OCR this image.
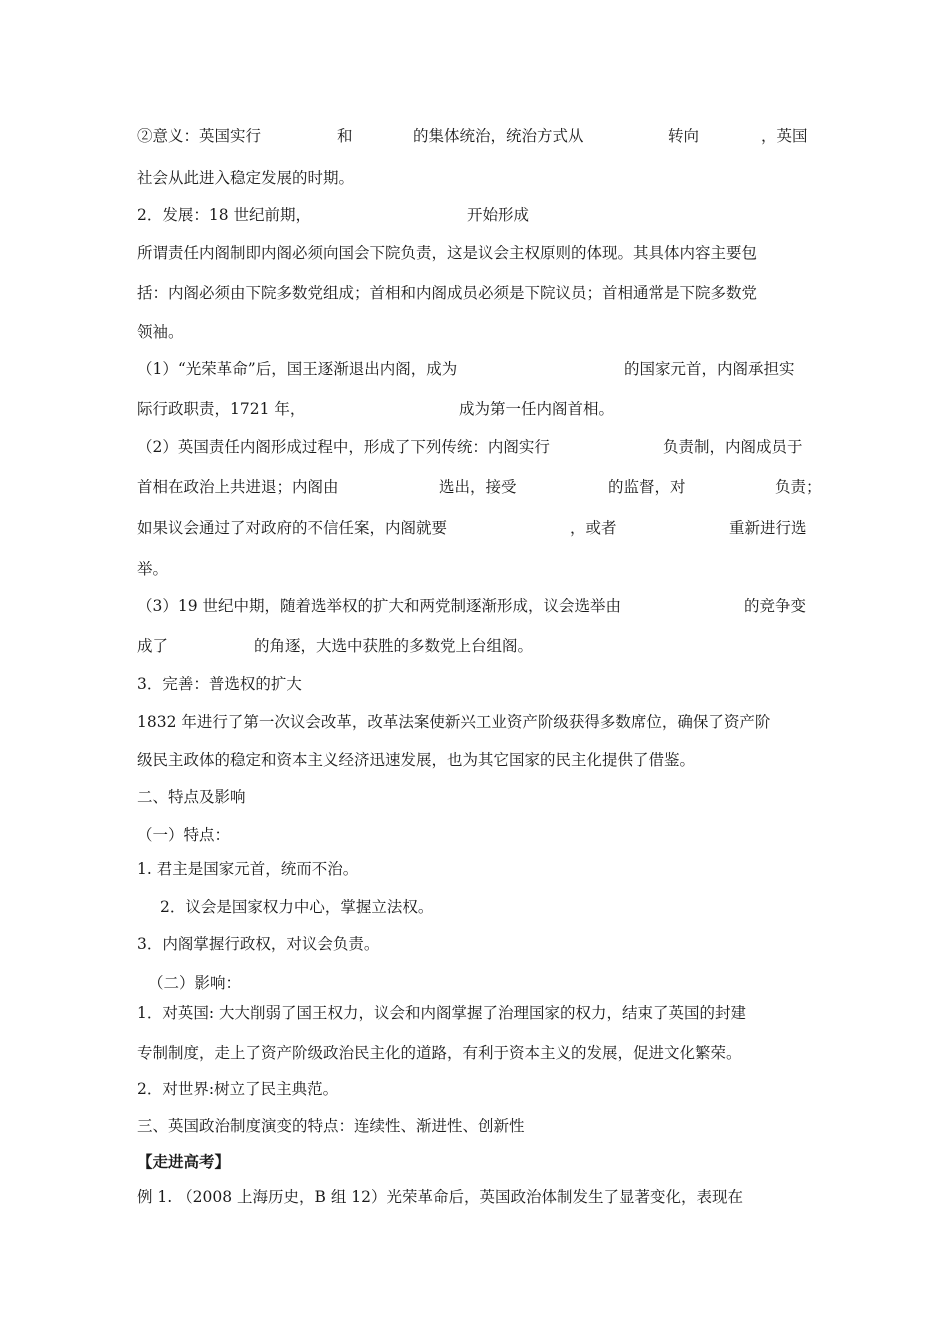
②意义：英国实行	和	的集体统治，统治方式从	转向	，英国
社会从此进入稳定发展的时期。
2．发展：18 世纪前期，	开始形成
所谓责任内阁制即内阁必须向国会下院负责，这是议会主权原则的体现。其具体内容主要包
括：内阁必须由下院多数党组成；首相和内阁成员必须是下院议员；首相通常是下院多数党
领袖。
（1）“光荣革命”后，国王逐渐退出内阁，成为	的国家元首，内阁承担实
际行政职责，1721 年，	成为第一任内阁首相。
（2）英国责任内阁形成过程中，形成了下列传统：内阁实行	负责制，内阁成员于
首相在政治上共进退；内阁由	选出，接受	的监督，对	负责；
如果议会通过了对政府的不信任案，内阁就要	，或者	重新进行选
举。
（3）19 世纪中期，随着选举权的扩大和两党制逐渐形成，议会选举由	的竞争变
成了	的角逐，大选中获胜的多数党上台组阁。
3．完善：普选权的扩大
1832 年进行了第一次议会改革，改革法案使新兴工业资产阶级获得多数席位，确保了资产阶
级民主政体的稳定和资本主义经济迅速发展，也为其它国家的民主化提供了借鉴。
二、特点及影响
（一）特点：
1. 君主是国家元首，统而不治。
2．议会是国家权力中心，掌握立法权。
3．内阁掌握行政权，对议会负责。
（二）影响：
1．对英国: 大大削弱了国王权力，议会和内阁掌握了治理国家的权力，结束了英国的封建
专制制度，走上了资产阶级政治民主化的道路，有利于资本主义的发展，促进文化繁荣。
2．对世界:树立了民主典范。
三、英国政治制度演变的特点：连续性、渐进性、创新性
【走进高考】
例 1. （2008 上海历史，B 组 12）光荣革命后，英国政治体制发生了显著变化，表现在
